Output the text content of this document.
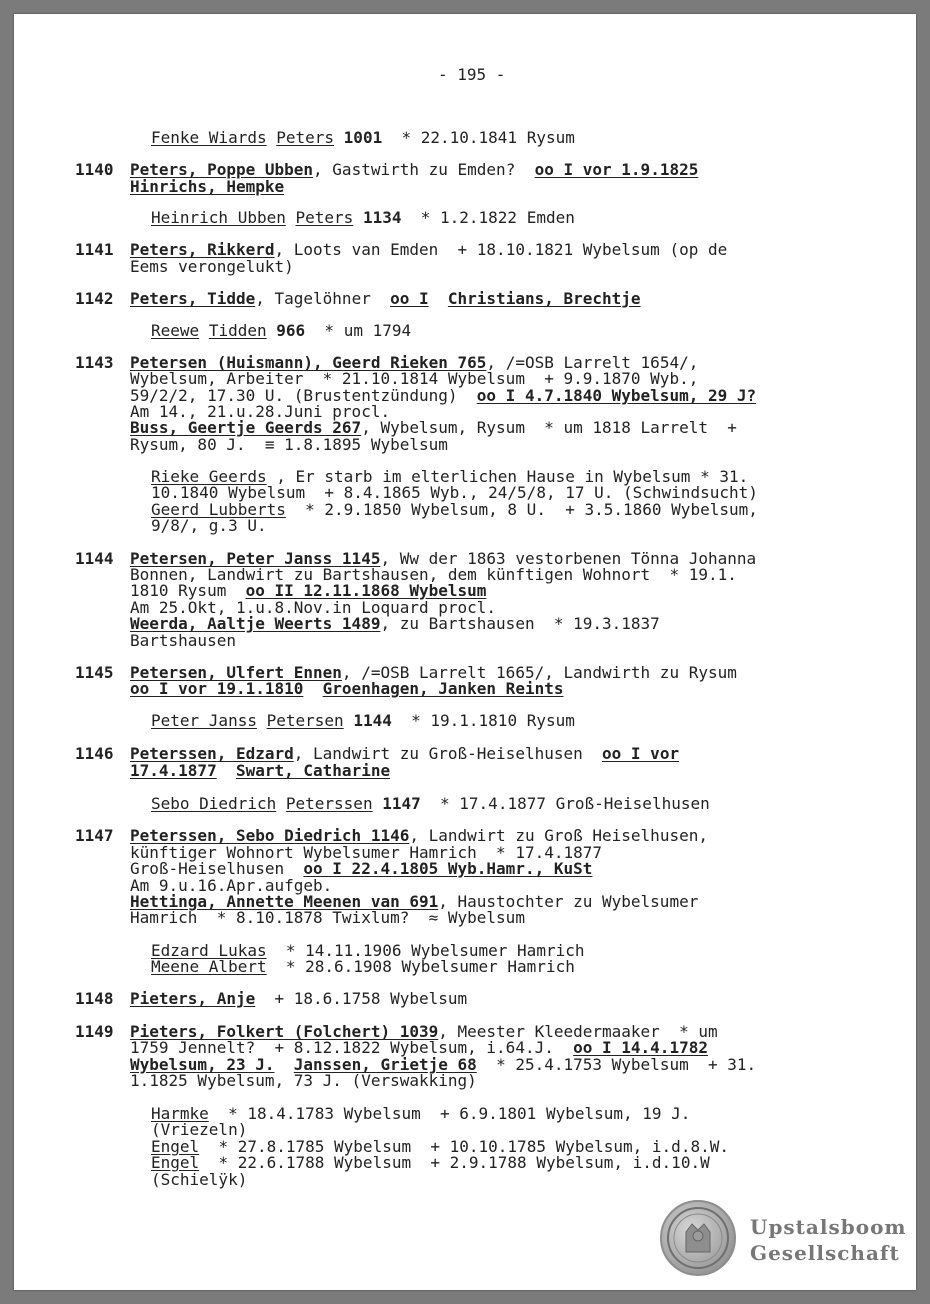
- 195 -
Fenke Wiards Peters 1001  * 22.10.1841 Rysum
1140 Peters, Poppe Ubben, Gastwirth zu Emden?  oo I vor 1.9.1825
Hinrichs, Hempke
Heinrich Ubben Peters 1134  * 1.2.1822 Emden
1141 Peters, Rikkerd, Loots van Emden  + 18.10.1821 Wybelsum (op de
Eems verongelukt)
1142 Peters, Tidde, Tagelöhner  oo I Christians, Brechtje
Reewe Tidden 966  * um 1794
1143 Petersen (Huismann), Geerd Rieken 765, /=OSB Larrelt 1654/,
Wybelsum, Arbeiter  * 21.10.1814 Wybelsum  + 9.9.1870 Wyb.,
59/2/2, 17.30 U. (Brustentzündung)  oo I 4.7.1840 Wybelsum, 29 J?
Am 14., 21.u.28.Juni procl.
Buss, Geertje Geerds 267, Wybelsum, Rysum  * um 1818 Larrelt  +
Rysum, 80 J.  ≡ 1.8.1895 Wybelsum
Rieke Geerds , Er starb im elterlichen Hause in Wybelsum * 31.
10.1840 Wybelsum  + 8.4.1865 Wyb., 24/5/8, 17 U. (Schwindsucht)
Geerd Lubberts  * 2.9.1850 Wybelsum, 8 U.  + 3.5.1860 Wybelsum,
9/8/, g.3 U.
1144 Petersen, Peter Janss 1145, Ww der 1863 vestorbenen Tönna Johanna
Bonnen, Landwirt zu Bartshausen, dem künftigen Wohnort  * 19.1.
1810 Rysum  oo II 12.11.1868 Wybelsum
Am 25.Okt, 1.u.8.Nov.in Loquard procl.
Weerda, Aaltje Weerts 1489, zu Bartshausen  * 19.3.1837
Bartshausen
1145 Petersen, Ulfert Ennen, /=OSB Larrelt 1665/, Landwirth zu Rysum
oo I vor 19.1.1810 Groenhagen, Janken Reints
Peter Janss Petersen 1144  * 19.1.1810 Rysum
1146 Peterssen, Edzard, Landwirt zu Groß-Heiselhusen  oo I vor
17.4.1877 Swart, Catharine
Sebo Diedrich Peterssen 1147  * 17.4.1877 Groß-Heiselhusen
1147 Peterssen, Sebo Diedrich 1146, Landwirt zu Groß Heiselhusen,
künftiger Wohnort Wybelsumer Hamrich  * 17.4.1877
Groß-Heiselhusen  oo I 22.4.1805 Wyb.Hamr., KuSt
Am 9.u.16.Apr.aufgeb.
Hettinga, Annette Meenen van 691, Haustochter zu Wybelsumer
Hamrich  * 8.10.1878 Twixlum?  ≈ Wybelsum
Edzard Lukas  * 14.11.1906 Wybelsumer Hamrich
Meene Albert  * 28.6.1908 Wybelsumer Hamrich
1148 Pieters, Anje  + 18.6.1758 Wybelsum
1149 Pieters, Folkert (Folchert) 1039, Meester Kleedermaaker  * um
1759 Jennelt?  + 8.12.1822 Wybelsum, i.64.J.  oo I 14.4.1782
Wybelsum, 23 J. Janssen, Grietje 68  * 25.4.1753 Wybelsum  + 31.
1.1825 Wybelsum, 73 J. (Verswakking)
Harmke  * 18.4.1783 Wybelsum  + 6.9.1801 Wybelsum, 19 J.
(Vriezeln)
Engel  * 27.8.1785 Wybelsum  + 10.10.1785 Wybelsum, i.d.8.W.
Engel  * 22.6.1788 Wybelsum  + 2.9.1788 Wybelsum, i.d.10.W
(Schielÿk)
Upstalsboom
Gesellschaft
